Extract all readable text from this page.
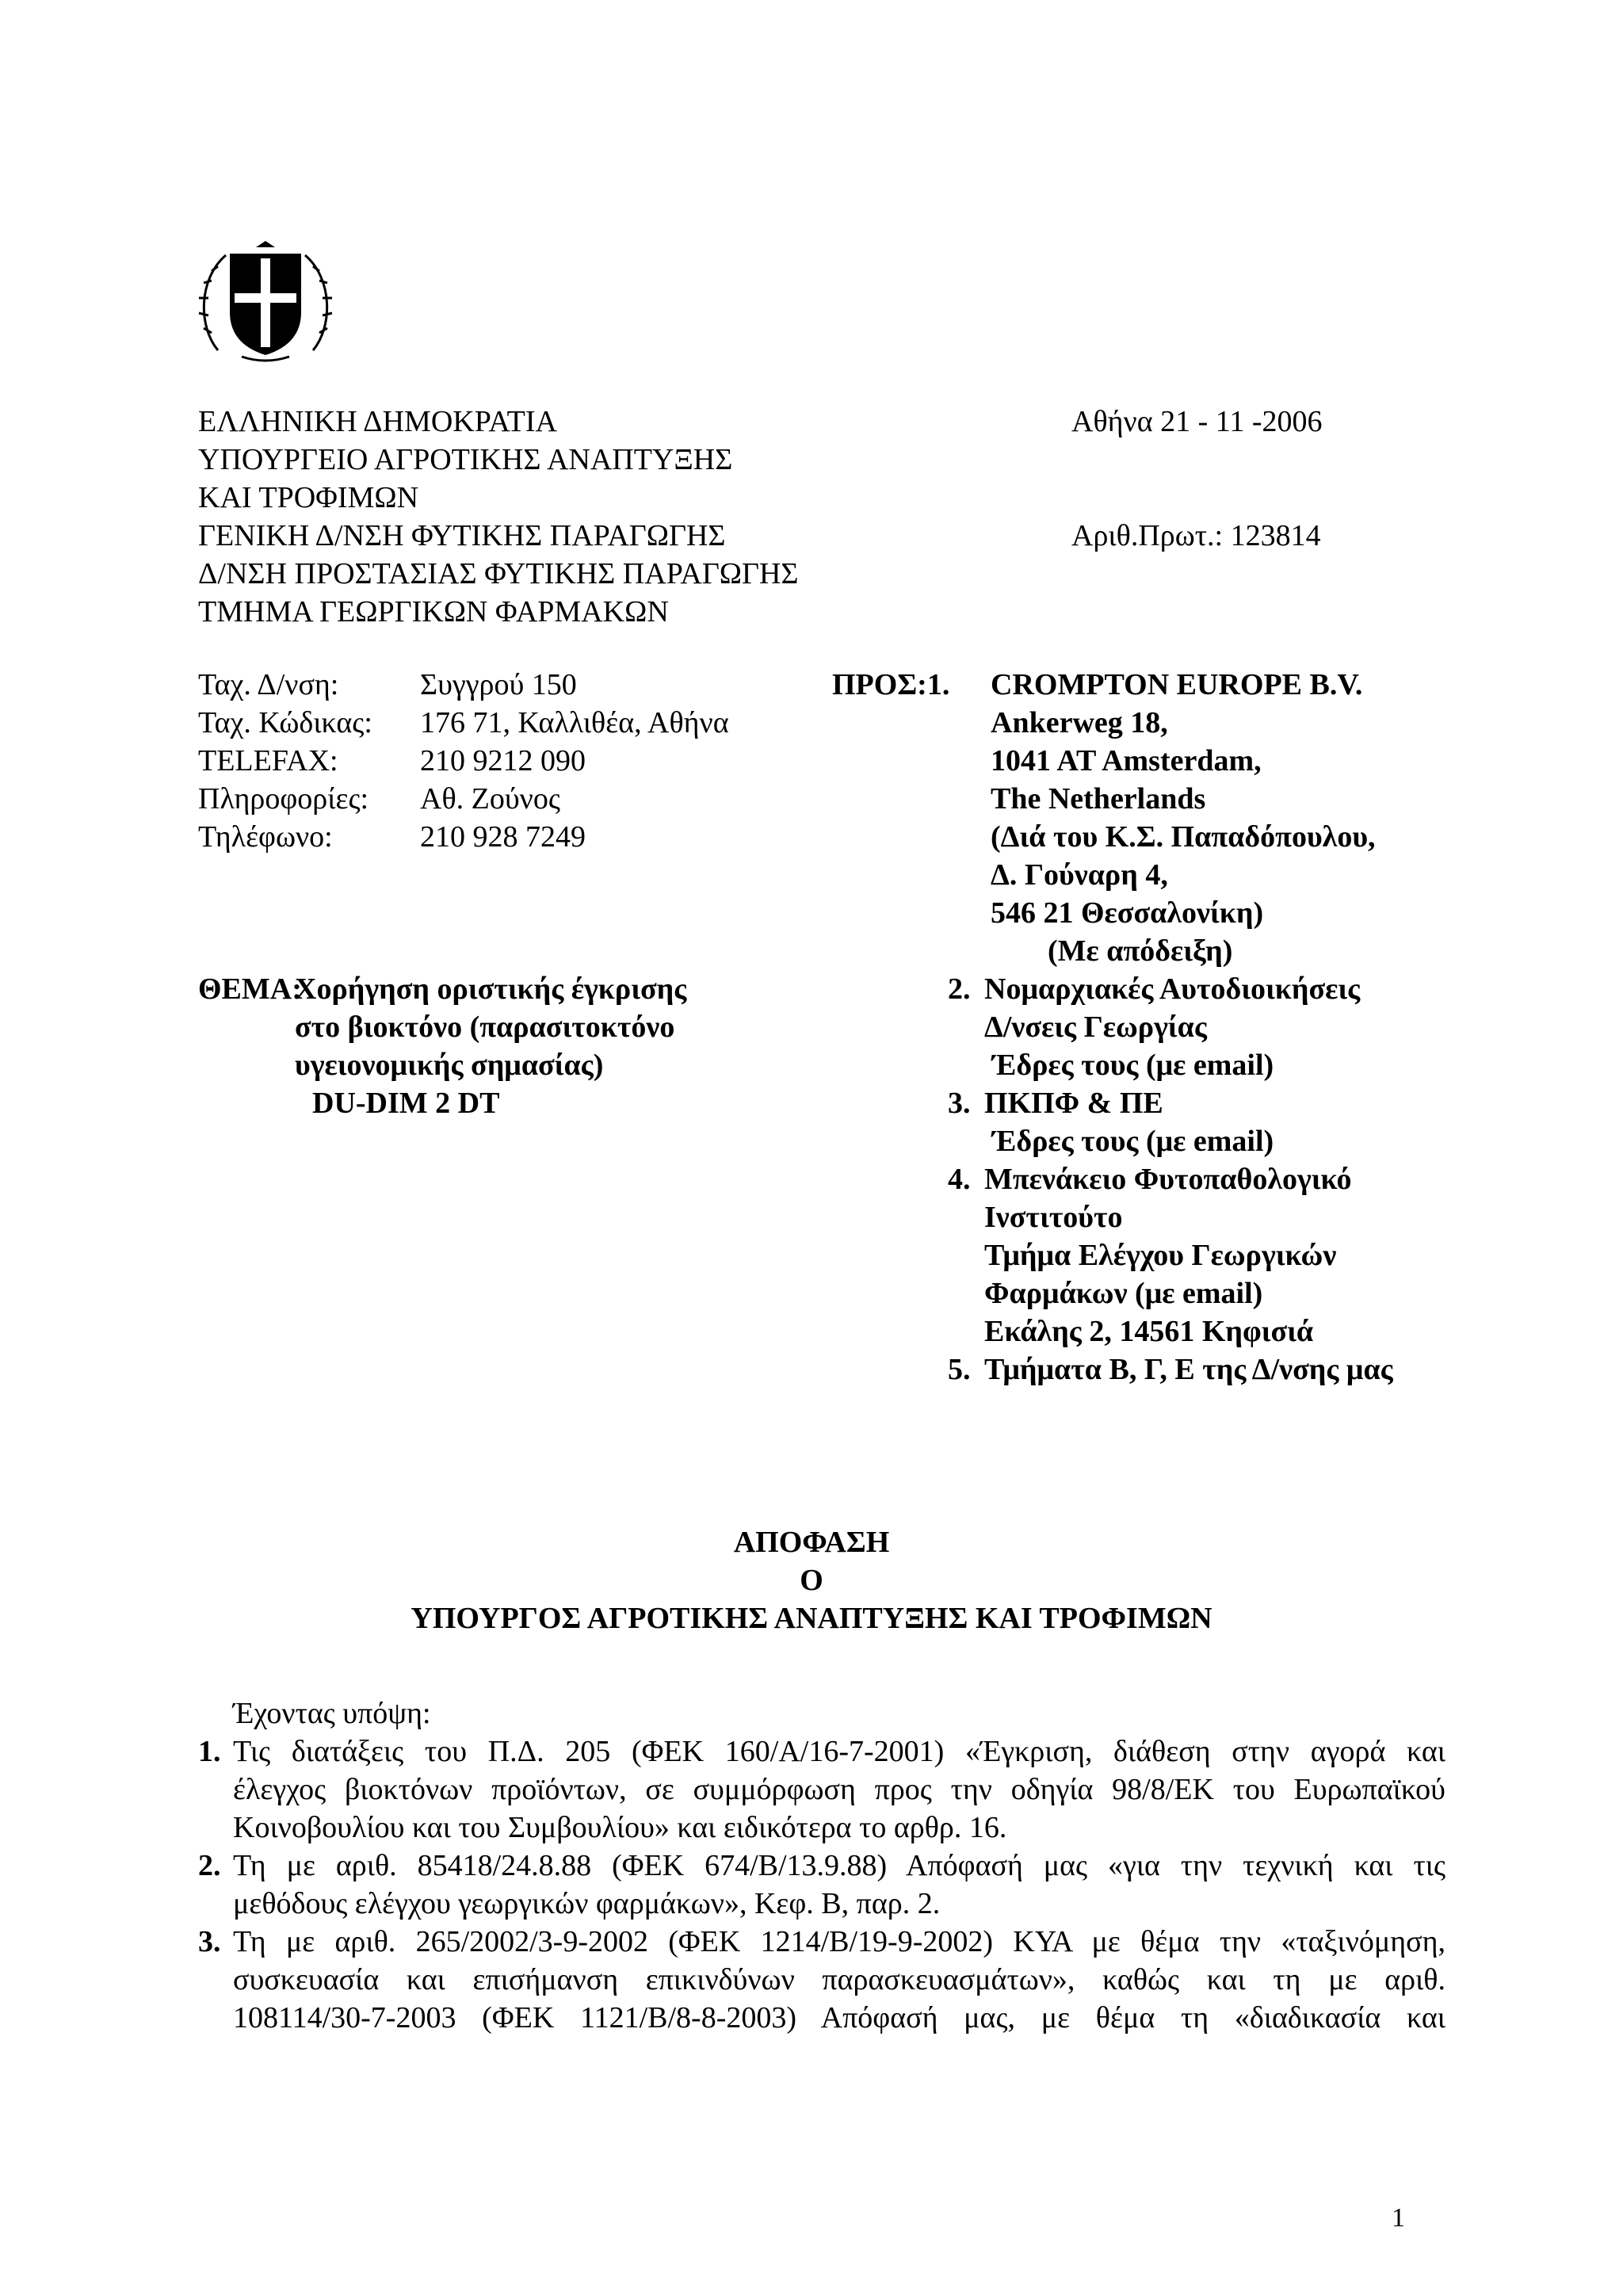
ΕΛΛΗΝΙΚΗ ΔΗΜΟΚΡΑΤΙΑ
ΥΠΟΥΡΓΕΙΟ ΑΓΡΟΤΙΚΗΣ ΑΝΑΠΤΥΞΗΣ
ΚΑΙ ΤΡΟΦΙΜΩΝ
ΓΕΝΙΚΗ Δ/ΝΣΗ ΦΥΤΙΚΗΣ ΠΑΡΑΓΩΓΗΣ
Δ/ΝΣΗ ΠΡΟΣΤΑΣΙΑΣ ΦΥΤΙΚΗΣ ΠΑΡΑΓΩΓΗΣ
ΤΜΗΜΑ ΓΕΩΡΓΙΚΩΝ ΦΑΡΜΑΚΩΝ
Αθήνα 21 - 11 -2006
Αριθ.Πρωτ.: 123814
Ταχ. Δ/νση:	Συγγρού 150
Ταχ. Κώδικας: 176 71, Καλλιθέα, Αθήνα
TELEFAX:	210 9212 090
Πληροφορίες: Αθ. Ζούνος
Τηλέφωνο:	210 928 7249
ΠΡΟΣ:1. CROMPTON EUROPE B.V.
Ankerweg 18,
1041 AT Amsterdam,
The Netherlands
(Διά του Κ.Σ. Παπαδόπουλου,
Δ. Γούναρη 4,
546 21 Θεσσαλονίκη)
(Με απόδειξη)
2. Νομαρχιακές Αυτοδιοικήσεις
Δ/νσεις Γεωργίας
Έδρες τους (με email)
3. ΠΚΠΦ & ΠΕ
Έδρες τους (με email)
4. Μπενάκειο Φυτοπαθολογικό
Ινστιτούτο
Τμήμα Ελέγχου Γεωργικών
Φαρμάκων (με email)
Εκάλης 2, 14561 Κηφισιά
5. Τμήματα Β, Γ, Ε της Δ/νσης μας
ΘΕΜΑ:
Χορήγηση οριστικής έγκρισης
στο βιοκτόνο (παρασιτοκτόνο
υγειονομικής σημασίας)
DU-DIM 2 DT
ΑΠΟΦΑΣΗ
Ο
ΥΠΟΥΡΓΟΣ ΑΓΡΟΤΙΚΗΣ ΑΝΑΠΤΥΞΗΣ ΚΑΙ ΤΡΟΦΙΜΩΝ
Έχοντας υπόψη:
1. Τις διατάξεις του Π.Δ. 205 (ΦΕΚ 160/Α/16-7-2001) «Έγκριση, διάθεση στην αγορά και
έλεγχος βιοκτόνων προϊόντων, σε συμμόρφωση προς την οδηγία 98/8/ΕΚ του Ευρωπαϊκού
Κοινοβουλίου και του Συμβουλίου» και ειδικότερα το αρθρ. 16.
2. Τη με αριθ. 85418/24.8.88 (ΦΕΚ 674/Β/13.9.88) Απόφασή μας «για την τεχνική και τις
μεθόδους ελέγχου γεωργικών φαρμάκων», Κεφ. Β, παρ. 2.
3. Τη με αριθ. 265/2002/3-9-2002 (ΦΕΚ 1214/Β/19-9-2002) ΚΥΑ με θέμα την «ταξινόμηση,
συσκευασία και επισήμανση επικινδύνων παρασκευασμάτων», καθώς και τη με αριθ.
108114/30-7-2003 (ΦΕΚ 1121/Β/8-8-2003) Απόφασή μας, με θέμα τη «διαδικασία και
1
